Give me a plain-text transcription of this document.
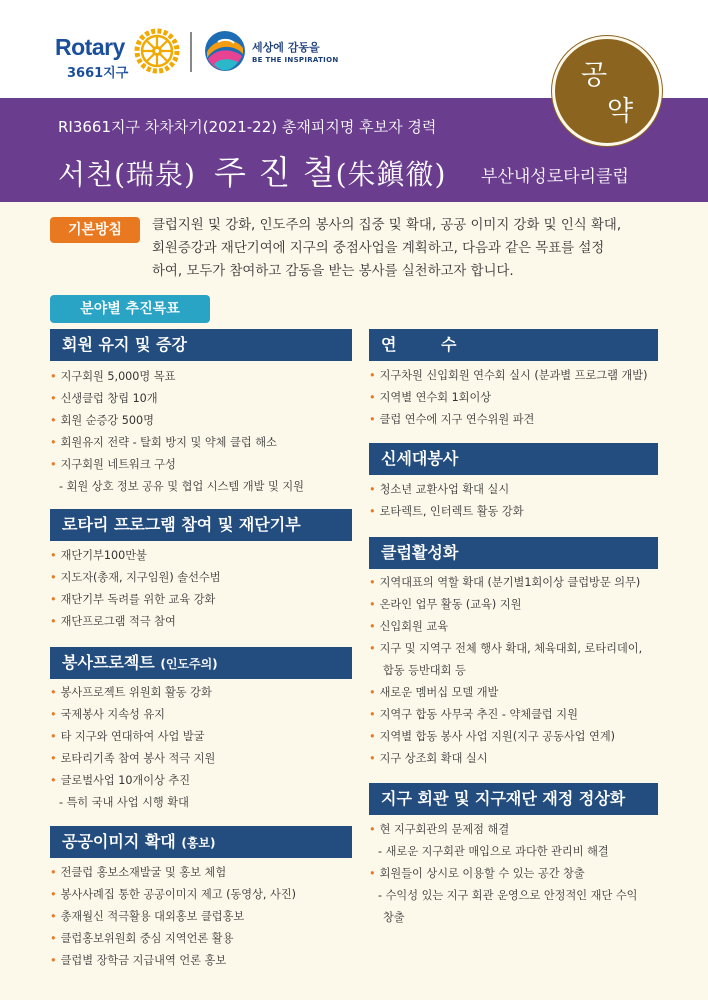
Rotary
3661지구
세상에 감동을
BE THE INSPIRATION
RI3661지구 차차차기(2021-22) 총재피지명 후보자 경력
서천(瑞泉) 주 진 철(朱鎭徹) 부산내성로타리클럽
공
약
기본방침	클럽지원 및 강화, 인도주의 봉사의 집중 및 확대, 공공 이미지 강화 및 인식 확대,
회원증강과 재단기여에 지구의 중점사업을 계획하고, 다음과 같은 목표를 설정
하여, 모두가 참여하고 감동을 받는 봉사를 실천하고자 합니다.
분야별 추진목표
회원 유지 및 증강
• 지구회원 5,000명 목표
• 신생클럽 창립 10개
• 회원 순증강 500명
• 회원유지 전략 - 탈회 방지 및 약체 클럽 해소
• 지구회원 네트워크 구성
- 회원 상호 정보 공유 및 협업 시스템 개발 및 지원
로타리 프로그램 참여 및 재단기부
• 재단기부100만불
• 지도자(총재, 지구임원) 솔선수범
• 재단기부 독려를 위한 교육 강화
• 재단프로그램 적극 참여
봉사프로젝트 (인도주의)
• 봉사프로젝트 위원회 활동 강화
• 국제봉사 지속성 유지
• 타 지구와 연대하여 사업 발굴
• 로타리기족 참여 봉사 적극 지원
• 글로벌사업 10개이상 추진
- 특히 국내 사업 시행 확대
공공이미지 확대 (홍보)
• 전클럽 홍보소재발굴 및 홍보 체험
• 봉사사례집 통한 공공이미지 제고 (동영상, 사진)
• 총재월신 적극활용 대외홍보 클럽홍보
• 클럽홍보위원회 중심 지역언론 활용
• 클럽별 장학금 지급내역 언론 홍보
연        수
• 지구차원 신입회원 연수회 실시 (분과별 프로그램 개발)
• 지역별 연수회 1회이상
• 클럽 연수에 지구 연수위원 파견
신세대봉사
• 청소년 교환사업 확대 실시
• 로타렉트, 인터렉트 활동 강화
클럽활성화
• 지역대표의 역할 확대 (분기별1회이상 클럽방문 의무)
• 온라인 업무 활동 (교육) 지원
• 신입회원 교육
• 지구 및 지역구 전체 행사 확대, 체육대회, 로타리데이,
합동 등반대회 등
• 새로운 멤버십 모델 개발
• 지역구 합동 사무국 추진 - 약체클럽 지원
• 지역별 합동 봉사 사업 지원(지구 공동사업 연계)
• 지구 상조회 확대 실시
지구 회관 및 지구재단 재정 정상화
• 현 지구회관의 문제점 해결
- 새로운 지구회관 매입으로 과다한 관리비 해결
• 회원들이 상시로 이용할 수 있는 공간 창출
- 수익성 있는 지구 회관 운영으로 안정적인 재단 수익
창출
